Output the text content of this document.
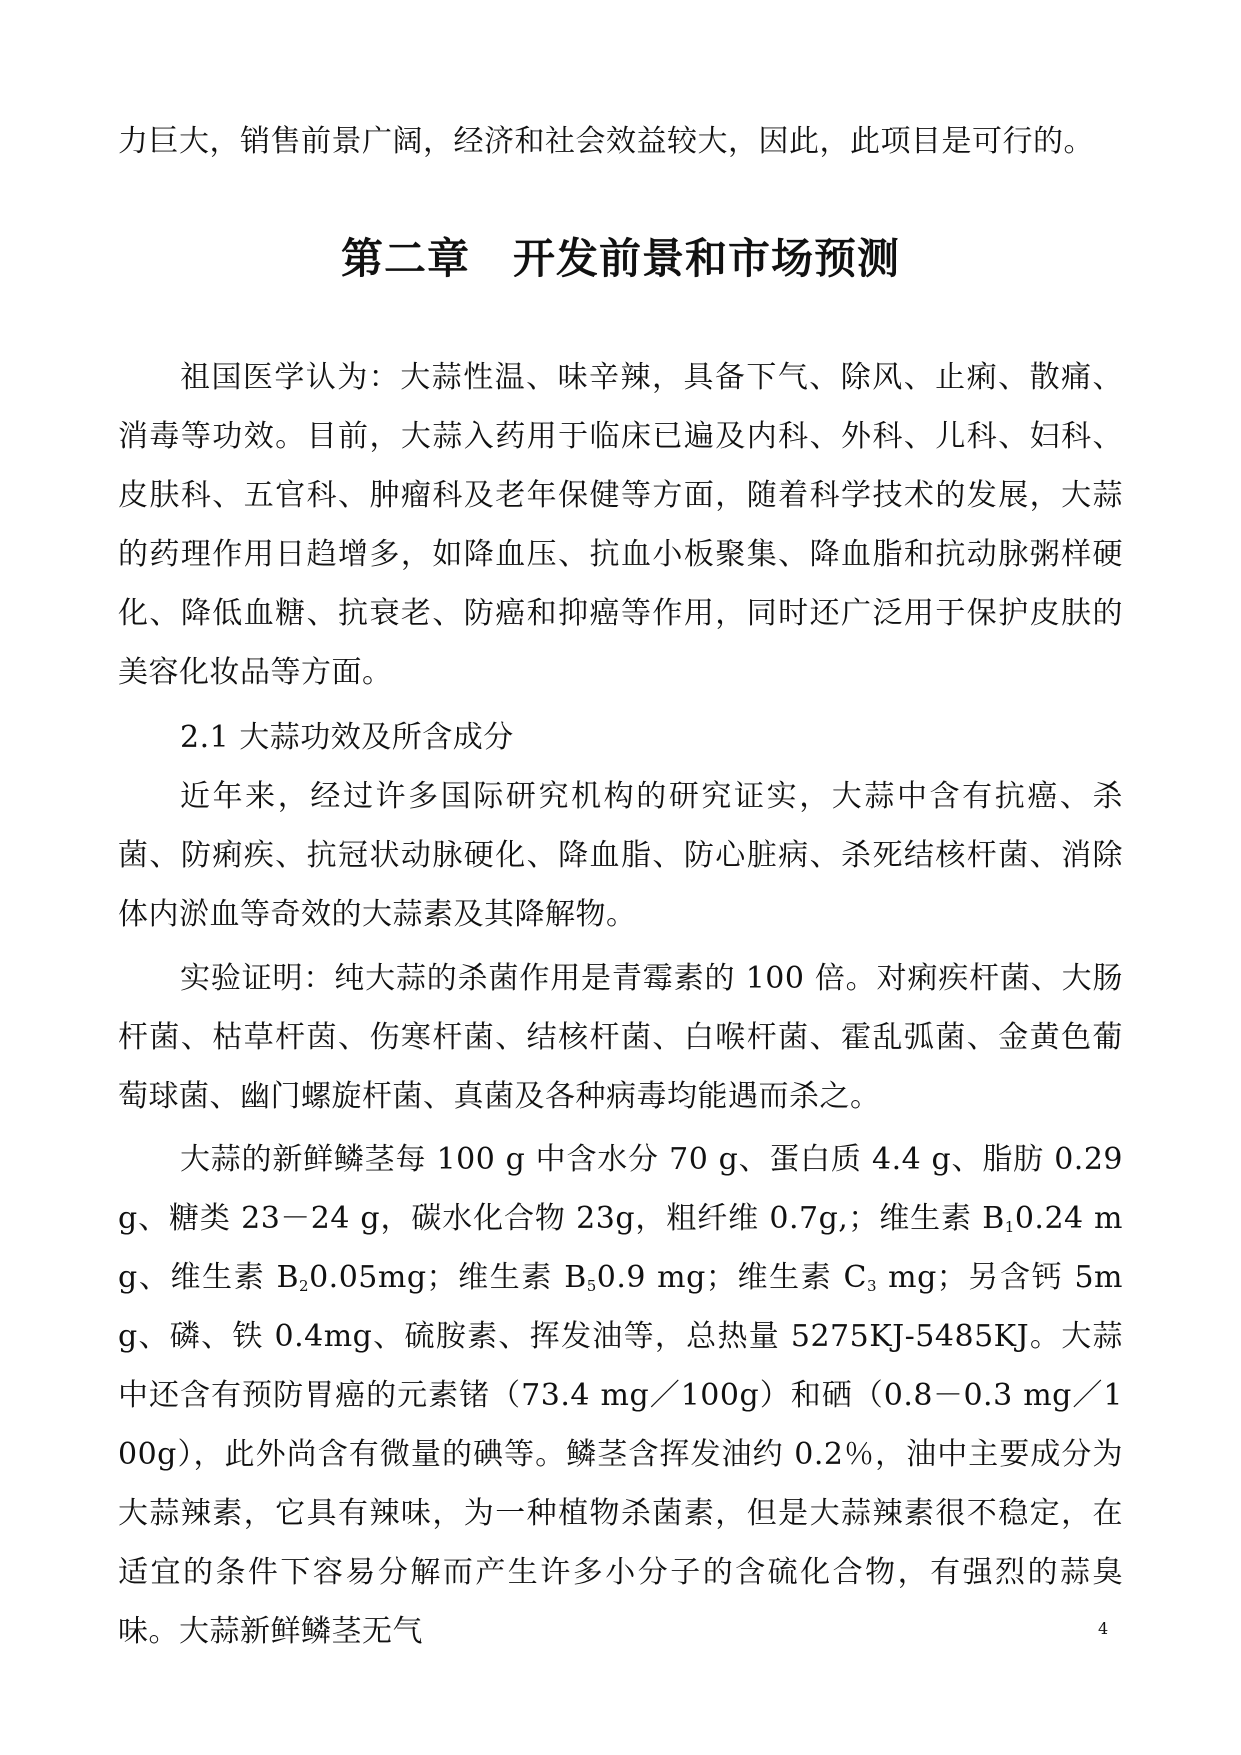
力巨大，销售前景广阔，经济和社会效益较大，因此，此项目是可行的。

第二章　开发前景和市场预测

祖国医学认为：大蒜性温、味辛辣，具备下气、除风、止痢、散痛、消毒等功效。目前，大蒜入药用于临床已遍及内科、外科、儿科、妇科、皮肤科、五官科、肿瘤科及老年保健等方面，随着科学技术的发展，大蒜的药理作用日趋增多，如降血压、抗血小板聚集、降血脂和抗动脉粥样硬化、降低血糖、抗衰老、防癌和抑癌等作用，同时还广泛用于保护皮肤的美容化妆品等方面。

2.1 大蒜功效及所含成分

近年来，经过许多国际研究机构的研究证实，大蒜中含有抗癌、杀菌、防痢疾、抗冠状动脉硬化、降血脂、防心脏病、杀死结核杆菌、消除体内淤血等奇效的大蒜素及其降解物。

实验证明：纯大蒜的杀菌作用是青霉素的 100 倍。对痢疾杆菌、大肠杆菌、枯草杆茵、伤寒杆菌、结核杆菌、白喉杆菌、霍乱弧菌、金黄色葡萄球菌、幽门螺旋杆菌、真菌及各种病毒均能遇而杀之。

大蒜的新鲜鳞茎每 100 g 中含水分 70 g、蛋白质 4.4 g、脂肪 0.29 g、糖类 23－24 g，碳水化合物 23g，粗纤维 0.7g,；维生素 $B_10.24$ mg、维生素 $B_20.05mg$；维生素 $B_50.9$ mg；维生素 $C_3$ mg；另含钙 5mg、磷、铁 0.4mg、硫胺素、挥发油等，总热量 5275KJ-5485KJ。大蒜中还含有预防胃癌的元素锗（73.4 mg／100g）和硒（0.8－0.3 mg／100g），此外尚含有微量的碘等。鳞茎含挥发油约 0.2％，油中主要成分为大蒜辣素，它具有辣味，为一种植物杀菌素，但是大蒜辣素很不稳定，在适宜的条件下容易分解而产生许多小分子的含硫化合物，有强烈的蒜臭味。大蒜新鲜鳞茎无气	4
